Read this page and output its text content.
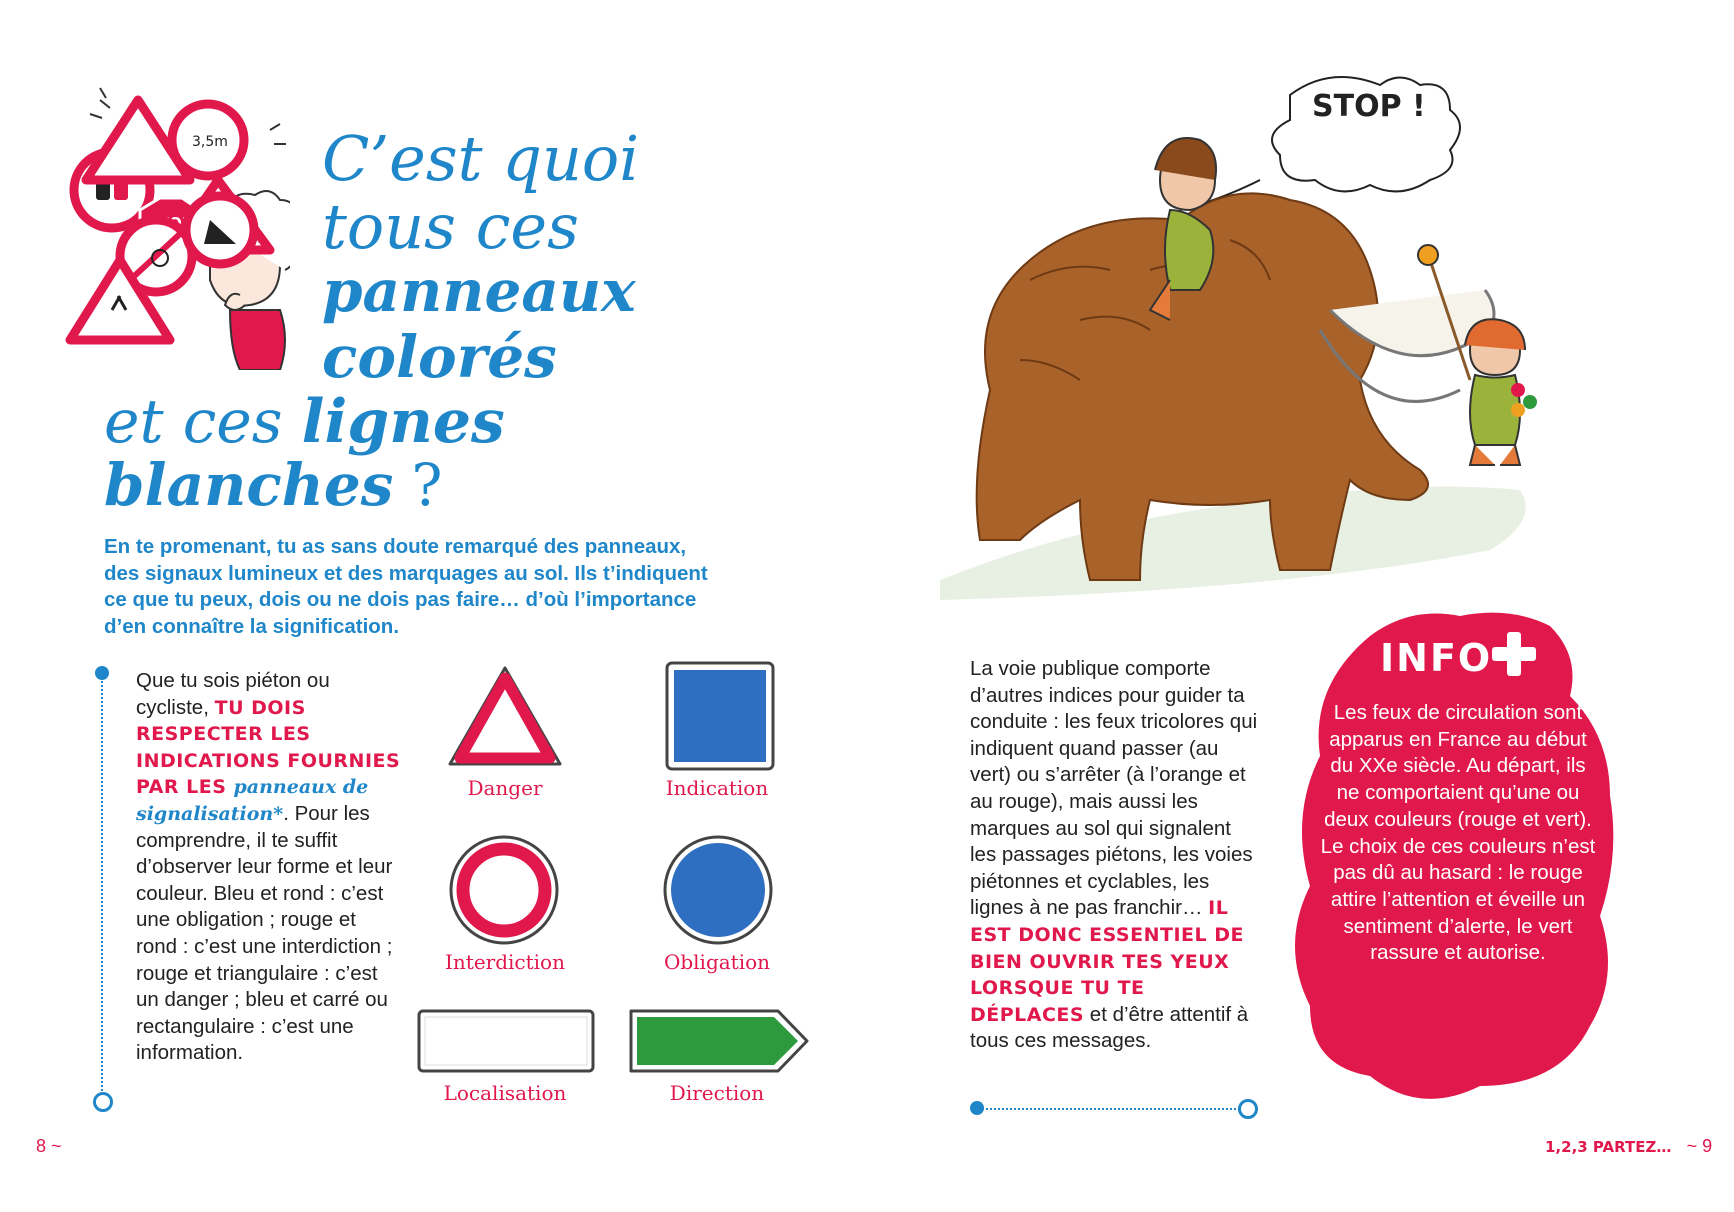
3,5m C’est quoi
tous ces
panneaux
colorés
et ces lignes
blanches ?
En te promenant, tu as sans doute remarqué des panneaux, des signaux lumineux et des marquages au sol. Ils t’indiquent ce que tu peux, dois ou ne dois pas faire… d’où l’importance d’en connaître la signification.
Que tu sois piéton ou cycliste, TU DOIS RESPECTER LES INDICATIONS FOURNIES PAR LES panneaux de signalisation*. Pour les comprendre, il te suffit d’observer leur forme et leur couleur. Bleu et rond : c’est une obligation ; rouge et rond : c’est une interdiction ; rouge et triangulaire : c’est un danger ; bleu et carré ou rectangulaire : c’est une information.
Danger	Indication
Interdiction	Obligation
Localisation	Direction
8 ~
STOP !
La voie publique comporte d’autres indices pour guider ta conduite : les feux tricolores qui indiquent quand passer (au vert) ou s’arrêter (à l’orange et au rouge), mais aussi les marques au sol qui signalent les passages piétons, les voies piétonnes et cyclables, les lignes à ne pas franchir… IL EST DONC ESSENTIEL DE BIEN OUVRIR TES YEUX LORSQUE TU TE DÉPLACES et d’être attentif à tous ces messages.
INFO
Les feux de circulation sont apparus en France au début du XXe siècle. Au départ, ils ne comportaient qu’une ou deux couleurs (rouge et vert). Le choix de ces couleurs n’est pas dû au hasard : le rouge attire l’attention et éveille un sentiment d’alerte, le vert rassure et autorise.
1,2,3 PARTEZ… ~ 9
